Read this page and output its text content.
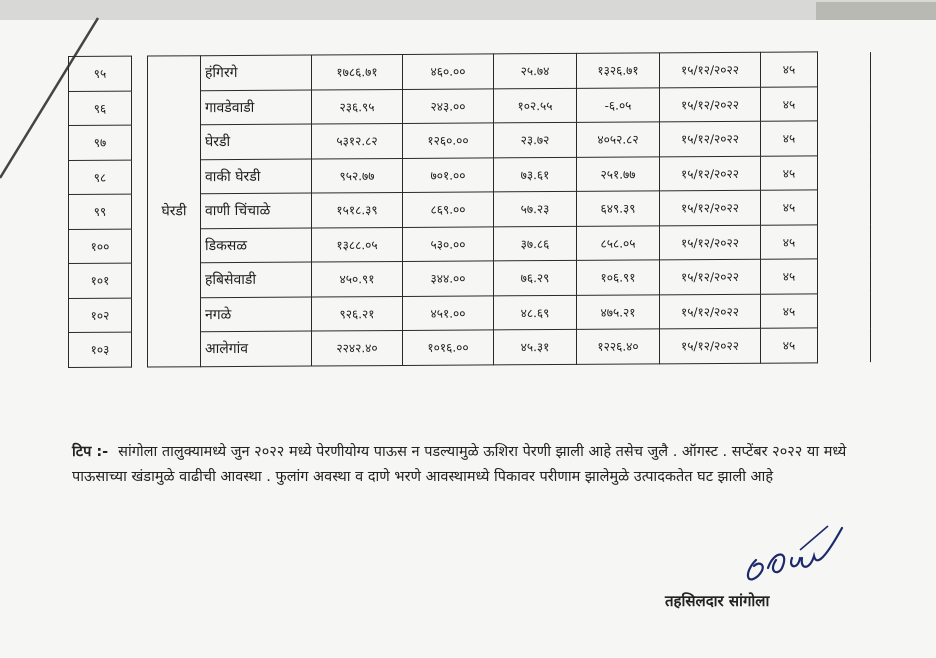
९५		घेरडी	हंगिरगे	१७८६.७१	४६०.००	२५.७४	१३२६.७१	१५/१२/२०२२	४५	
९६			गावडेवाडी	२३६.९५	२४३.००	१०२.५५	-६.०५	१५/१२/२०२२	४५	
९७			घेरडी	५३१२.८२	१२६०.००	२३.७२	४०५२.८२	१५/१२/२०२२	४५	
९८			वाकी घेरडी	९५२.७७	७०१.००	७३.६१	२५१.७७	१५/१२/२०२२	४५	
९९			वाणी चिंचाळे	१५१८.३९	८६९.००	५७.२३	६४९.३९	१५/१२/२०२२	४५	
१००			डिकसळ	१३८८.०५	५३०.००	३७.८६	८५८.०५	१५/१२/२०२२	४५	
१०१			हबिसेवाडी	४५०.९१	३४४.००	७६.२९	१०६.९१	१५/१२/२०२२	४५	
१०२			नगळे	९२६.२१	४५१.००	४८.६९	४७५.२१	१५/१२/२०२२	४५	
१०३			आलेगांव	२२४२.४०	१०१६.००	४५.३१	१२२६.४०	१५/१२/२०२२	४५	
टिप :- सांगोला तालुक्यामध्ये जुन २०२२ मध्ये पेरणीयोग्य पाऊस न पडल्यामुळे ऊशिरा पेरणी झाली आहे तसेच जुलै . ऑगस्ट . सप्टेंबर २०२२ या मध्ये पाऊसाच्या खंडामुळे वाढीची आवस्था . फुलांग अवस्था व दाणे भरणे आवस्थामध्ये पिकावर परीणाम झालेमुळे उत्पादकतेत घट झाली आहे
तहसिलदार सांगोला
